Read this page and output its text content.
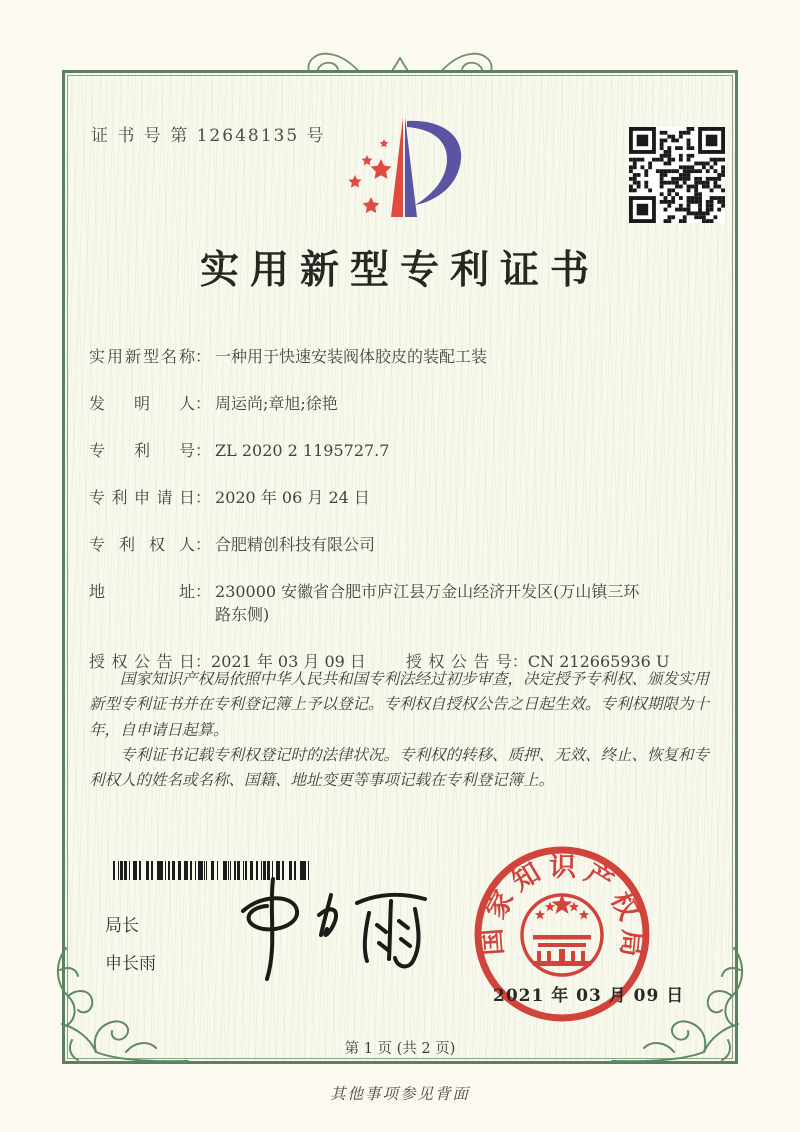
证 书 号 第 12648135 号
实用新型专利证书
实用新型名称 ： 一种用于快速安装阀体胶皮的装配工装
发明人 ： 周运尚;章旭;徐艳
专利号 ： ZL 2020 2 1195727.7
专利申请日 ： 2020 年 06 月 24 日
专利权人 ： 合肥精创科技有限公司
地址 ： 230000 安徽省合肥市庐江县万金山经济开发区(万山镇三环路东侧)
授权公告日 ： 2021 年 03 月 09 日	授权公告号 ： CN 212665936 U

国家知识产权局依照中华人民共和国专利法经过初步审查，决定授予专利权、颁发实用新型专利证书并在专利登记簿上予以登记。专利权自授权公告之日起生效。专利权期限为十年，自申请日起算。

专利证书记载专利权登记时的法律状况。专利权的转移、质押、无效、终止、恢复和专利权人的姓名或名称、国籍、地址变更等事项记载在专利登记簿上。

局长
申长雨
国家知识产权局
2021 年 03 月 09 日
第 1 页 (共 2 页)
其他事项参见背面
